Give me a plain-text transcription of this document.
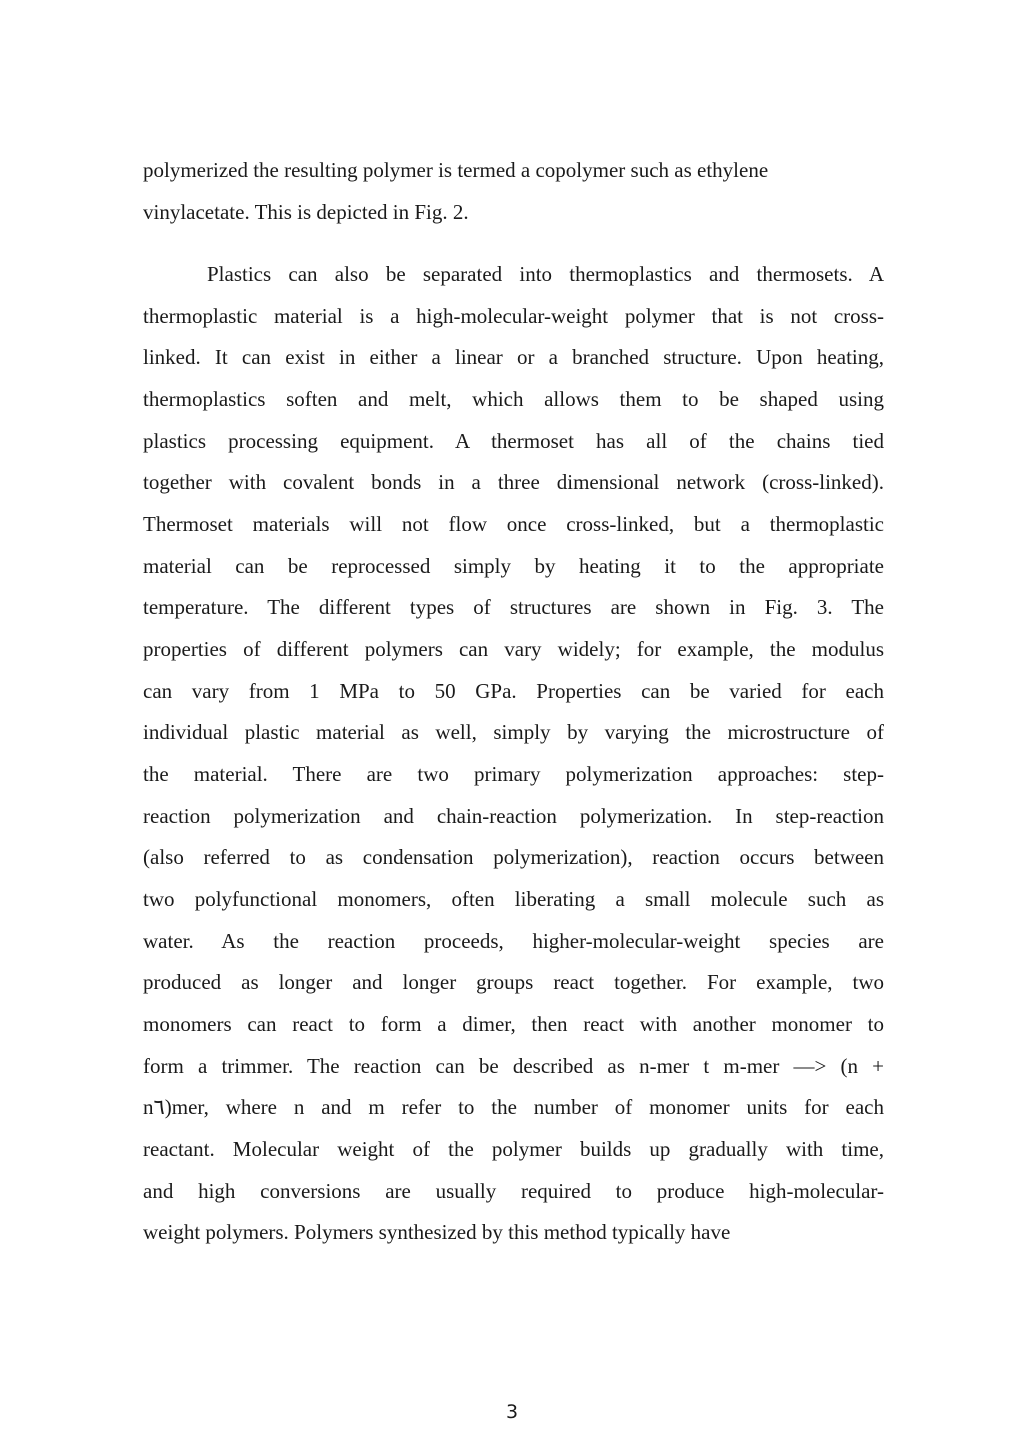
polymerized the resulting polymer is termed a copolymer such as ethylene
vinylacetate. This is depicted in Fig. 2.
Plastics can also be separated into thermoplastics and thermosets. A
thermoplastic material is a high-molecular-weight polymer that is not cross-
linked. It can exist in either a linear or a branched structure. Upon heating,
thermoplastics soften and melt, which allows them to be shaped using
plastics processing equipment. A thermoset has all of the chains tied
together with covalent bonds in a three dimensional network (cross-linked).
Thermoset materials will not flow once cross-linked, but a thermoplastic
material can be reprocessed simply by heating it to the appropriate
temperature. The different types of structures are shown in Fig. 3. The
properties of different polymers can vary widely; for example, the modulus
can vary from 1 MPa to 50 GPa. Properties can be varied for each
individual plastic material as well, simply by varying the microstructure of
the material. There are two primary polymerization approaches: step-
reaction polymerization and chain-reaction polymerization. In step-reaction
(also referred to as condensation polymerization), reaction occurs between
two polyfunctional monomers, often liberating a small molecule such as
water. As the reaction proceeds, higher-molecular-weight species are
produced as longer and longer groups react together. For example, two
monomers can react to form a dimer, then react with another monomer to
form a trimmer. The reaction can be described as n-mer t m-mer —> (n +
n٦)mer, where n and m refer to the number of monomer units for each
reactant. Molecular weight of the polymer builds up gradually with time,
and high conversions are usually required to produce high-molecular-
weight polymers. Polymers synthesized by this method typically have
3
